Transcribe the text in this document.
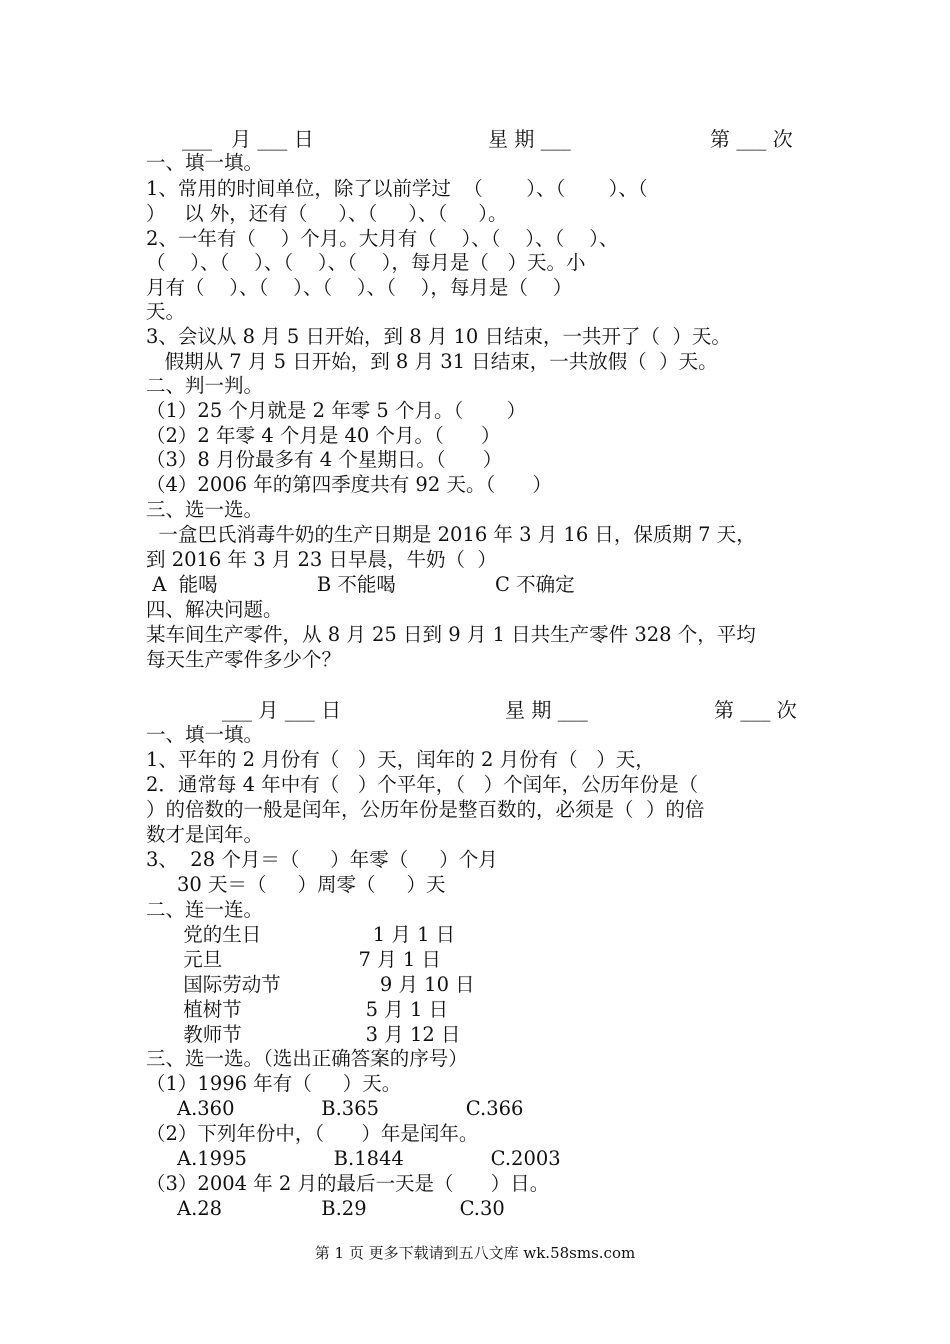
___   月 ___ 日	星 期 ___	第 ___ 次
一、填一填。
1、常用的时间单位，除了以前学过  （       ）、（       ）、（
）   以 外，还有（     ）、（     ）、（     ）。
2、一年有（    ）个月。大月有（    ）、（    ）、（    ）、
（    ）、（    ）、（    ）、（    ），每月是（   ）天。小
月有（    ）、（    ）、（    ）、（    ），每月是（    ）
天。
3、会议从 8 月 5 日开始，到 8 月 10 日结束，一共开了（  ）天。
假期从 7 月 5 日开始，到 8 月 31 日结束，一共放假（  ）天。
二、判一判。
（1）25 个月就是 2 年零 5 个月。（       ）
（2）2 年零 4 个月是 40 个月。（      ）
（3）8 月份最多有 4 个星期日。（      ）
（4）2006 年的第四季度共有 92 天。（      ）
三、选一选。
一盒巴氏消毒牛奶的生产日期是 2016 年 3 月 16 日，保质期 7 天，
到 2016 年 3 月 23 日早晨，牛奶（  ）
A  能喝                B 不能喝                C 不确定
四、解决问题。
某车间生产零件，从 8 月 25 日到 9 月 1 日共生产零件 328 个，平均
每天生产零件多少个？
___ 月 ___ 日	星 期 ___	第 ___ 次
一、填一填。
1、平年的 2 月份有（   ）天，闰年的 2 月份有（   ）天，
2．通常每 4 年中有（   ）个平年，（   ）个闰年，公历年份是（
）的倍数的一般是闰年，公历年份是整百数的，必须是（  ）的倍
数才是闰年。
3、  28 个月＝（     ）年零（     ）个月
30 天＝（     ）周零（     ）天
二、连一连。
党的生日                  1 月 1 日
元旦                      7 月 1 日
国际劳动节                9 月 10 日
植树节                    5 月 1 日
教师节                    3 月 12 日
三、选一选。（选出正确答案的序号）
（1）1996 年有（     ）天。
A.360              B.365              C.366
（2）下列年份中，（      ）年是闰年。
A.1995              B.1844              C.2003
（3）2004 年 2 月的最后一天是（      ）日。
A.28                B.29               C.30
第 1 页 更多下载请到五八文库 wk.58sms.com
